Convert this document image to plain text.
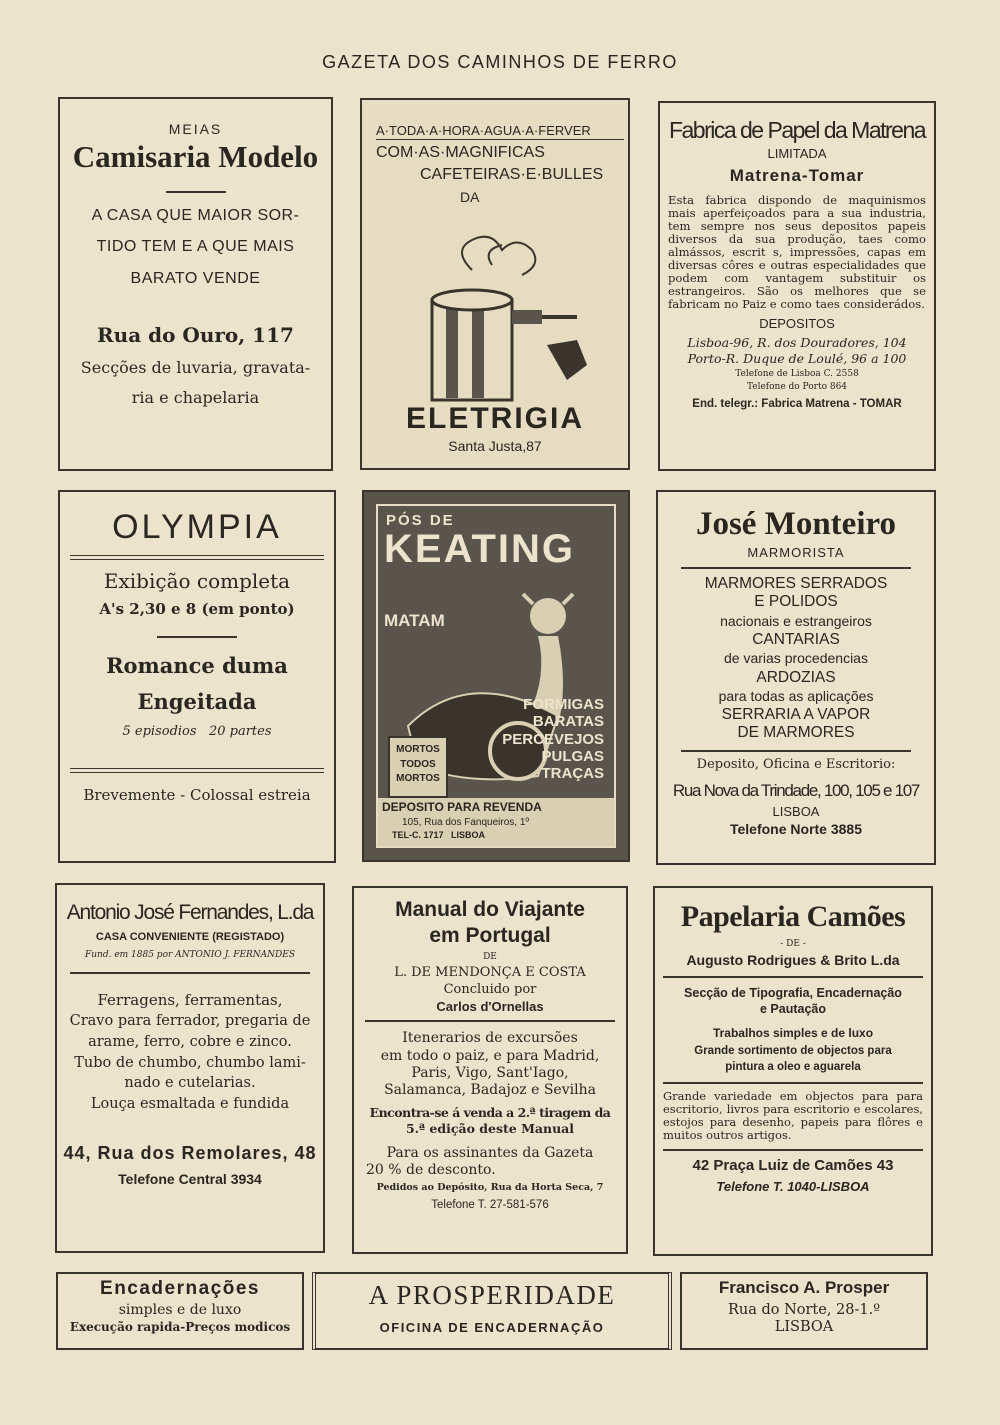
GAZETA DOS CAMINHOS DE FERRO
MEIAS
Camisaria Modelo
A CASA QUE MAIOR SOR-
TIDO TEM E A QUE MAIS
BARATO VENDE
Rua do Ouro, 117
Secções de luvaria, gravata-
ria e chapelaria
A·TODA·A·HORA·AGUA·A·FERVER
COM·AS·MAGNIFICAS
CAFETEIRAS·E·BULLES
DA
ELETRIGIA
Santa Justa,87
Fabrica de Papel da Matrena
LIMITADA
Matrena-Tomar
Esta fabrica dispondo de maquinismos mais aperfeiçoados para a sua industria, tem sempre nos seus depositos papeis diversos da sua produção, taes como almássos, escrit s, impressões, capas em diversas côres e outras especialidades que podem com vantagem substituir os estrangeiros. São os melhores que se fabricam no Paiz e como taes considerádos.
DEPOSITOS
Lisboa-96, R. dos Douradores, 104
Porto-R. Duque de Loulé, 96 a 100
Telefone de Lisboa C. 2558
Telefone do Porto 864
End. telegr.: Fabrica Matrena - TOMAR
OLYMPIA
Exibição completa
A's 2,30 e 8 (em ponto)
Romance duma
Engeitada
5 episodios   20 partes
Brevemente - Colossal estreia
PÓS DE
KEATING
MATAM
MORTOS
TODOS
MORTOS
FORMIGAS
BARATAS
PERCEVEJOS
PULGAS
TRAÇAS
DEPOSITO PARA REVENDA
105, Rua dos Fanqueiros, 1º
TEL-C. 1717   LISBOA
José Monteiro
MARMORISTA
MARMORES SERRADOS
E POLIDOS
nacionais e estrangeiros
CANTARIAS
de varias procedencias
ARDOZIAS
para todas as aplicações
SERRARIA A VAPOR
DE MARMORES
Deposito, Oficina e Escritorio:
Rua Nova da Trindade, 100, 105 e 107
LISBOA
Telefone Norte 3885
Antonio José Fernandes, L.da
CASA CONVENIENTE (REGISTADO)
Fund. em 1885 por ANTONIO J. FERNANDES
Ferragens, ferramentas,
Cravo para ferrador, pregaria de
arame, ferro, cobre e zinco.
Tubo de chumbo, chumbo lami-
nado e cutelarias.
Louça esmaltada e fundida
44, Rua dos Remolares, 48
Telefone Central 3934
Manual do Viajante
em Portugal
DE
L. DE MENDONÇA E COSTA
Concluido por
Carlos d'Ornellas
Itenerarios de excursões
em todo o paiz, e para Madrid,
Paris, Vigo, Sant'Iago,
Salamanca, Badajoz e Sevilha
Encontra-se á venda a 2.ª tiragem da
5.ª edição deste Manual
Para os assinantes da Gazeta
20 % de desconto.
Pedidos ao Depósito, Rua da Horta Seca, 7
Telefone T. 27-581-576
Papelaria Camões
- DE -
Augusto Rodrigues & Brito L.da
Secção de Tipografia, Encadernação
e Pautação
Trabalhos simples e de luxo
Grande sortimento de objectos para
pintura a oleo e aguarela
Grande variedade em objectos para para escritorio, livros para escritorio e escolares, estojos para desenho, papeis para flôres e muitos outros artigos.
42 Praça Luiz de Camões 43
Telefone T. 1040-LISBOA
Encadernações
simples e de luxo
Execução rapida-Preços modicos
A PROSPERIDADE
OFICINA DE ENCADERNAÇÃO
Francisco A. Prosper
Rua do Norte, 28-1.º
LISBOA
